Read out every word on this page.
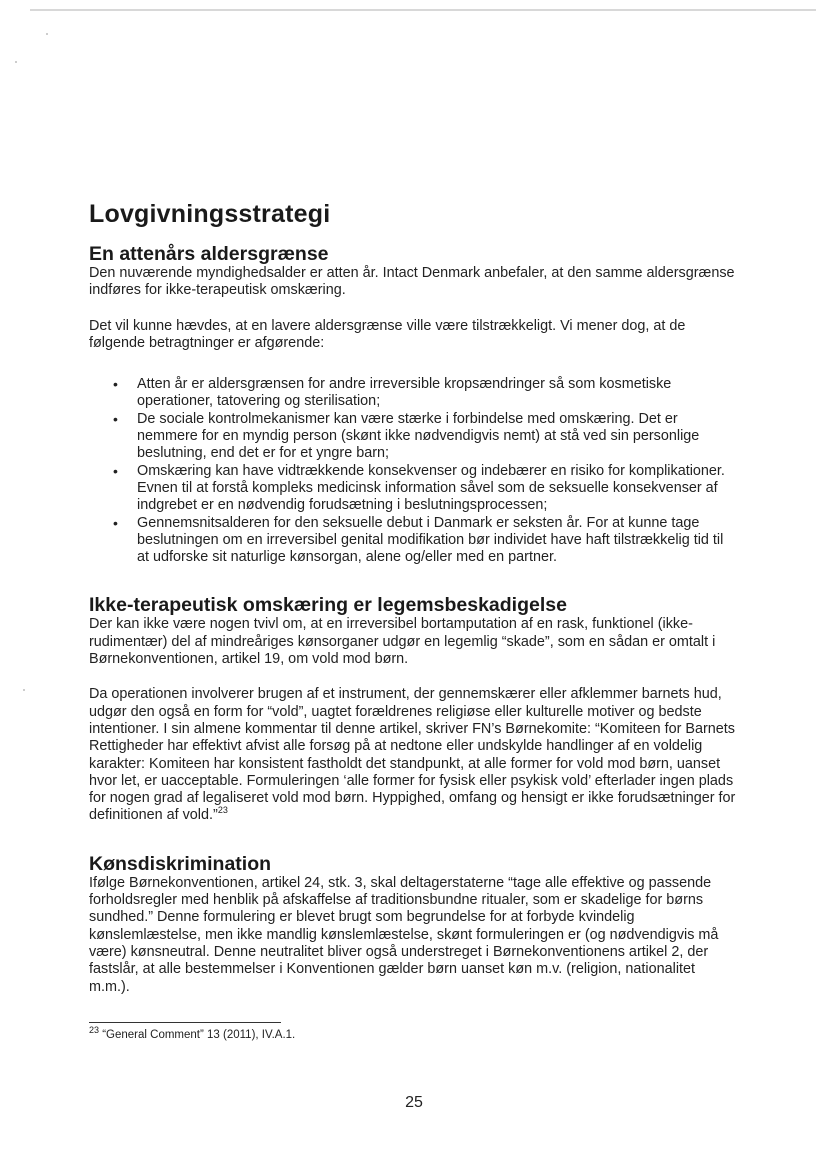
Lovgivningsstrategi
En attenårs aldersgrænse

Den nuværende myndighedsalder er atten år. Intact Denmark anbefaler, at den samme aldersgrænse indføres for ikke-terapeutisk omskæring.

Det vil kunne hævdes, at en lavere aldersgrænse ville være tilstrækkeligt. Vi mener dog, at de følgende betragtninger er afgørende:

• Atten år er aldersgrænsen for andre irreversible kropsændringer så som kosmetiske operationer, tatovering og sterilisation;
• De sociale kontrolmekanismer kan være stærke i forbindelse med omskæring. Det er nemmere for en myndig person (skønt ikke nødvendigvis nemt) at stå ved sin personlige beslutning, end det er for et yngre barn;
• Omskæring kan have vidtrækkende konsekvenser og indebærer en risiko for komplikationer. Evnen til at forstå kompleks medicinsk information såvel som de seksuelle konsekvenser af indgrebet er en nødvendig forudsætning i beslutningsprocessen;
• Gennemsnitsalderen for den seksuelle debut i Danmark er seksten år. For at kunne tage beslutningen om en irreversibel genital modifikation bør individet have haft tilstrækkelig tid til at udforske sit naturlige kønsorgan, alene og/eller med en partner.
Ikke-terapeutisk omskæring er legemsbeskadigelse

Der kan ikke være nogen tvivl om, at en irreversibel bortamputation af en rask, funktionel (ikke-rudimentær) del af mindreåriges kønsorganer udgør en legemlig “skade”, som en sådan er omtalt i Børnekonventionen, artikel 19, om vold mod børn.

Da operationen involverer brugen af et instrument, der gennemskærer eller afklemmer barnets hud, udgør den også en form for “vold”, uagtet forældrenes religiøse eller kulturelle motiver og bedste intentioner. I sin almene kommentar til denne artikel, skriver FN’s Børnekomite: “Komiteen for Barnets Rettigheder har effektivt afvist alle forsøg på at nedtone eller undskylde handlinger af en voldelig karakter: Komiteen har konsistent fastholdt det standpunkt, at alle former for vold mod børn, uanset hvor let, er uacceptable. Formuleringen ‘alle former for fysisk eller psykisk vold’ efterlader ingen plads for nogen grad af legaliseret vold mod børn. Hyppighed, omfang og hensigt er ikke forudsætninger for definitionen af vold.”$^{23}$

Kønsdiskrimination

Ifølge Børnekonventionen, artikel 24, stk. 3, skal deltagerstaterne “tage alle effektive og passende forholdsregler med henblik på afskaffelse af traditionsbundne ritualer, som er skadelige for børns sundhed.” Denne formulering er blevet brugt som begrundelse for at forbyde kvindelig kønslemlæstelse, men ikke mandlig kønslemlæstelse, skønt formuleringen er (og nødvendigvis må være) kønsneutral. Denne neutralitet bliver også understreget i Børnekonventionens artikel 2, der fastslår, at alle bestemmelser i Konventionen gælder børn uanset køn m.v. (religion, nationalitet m.m.).

$^{23}$ “General Comment” 13 (2011), IV.A.1.
25
